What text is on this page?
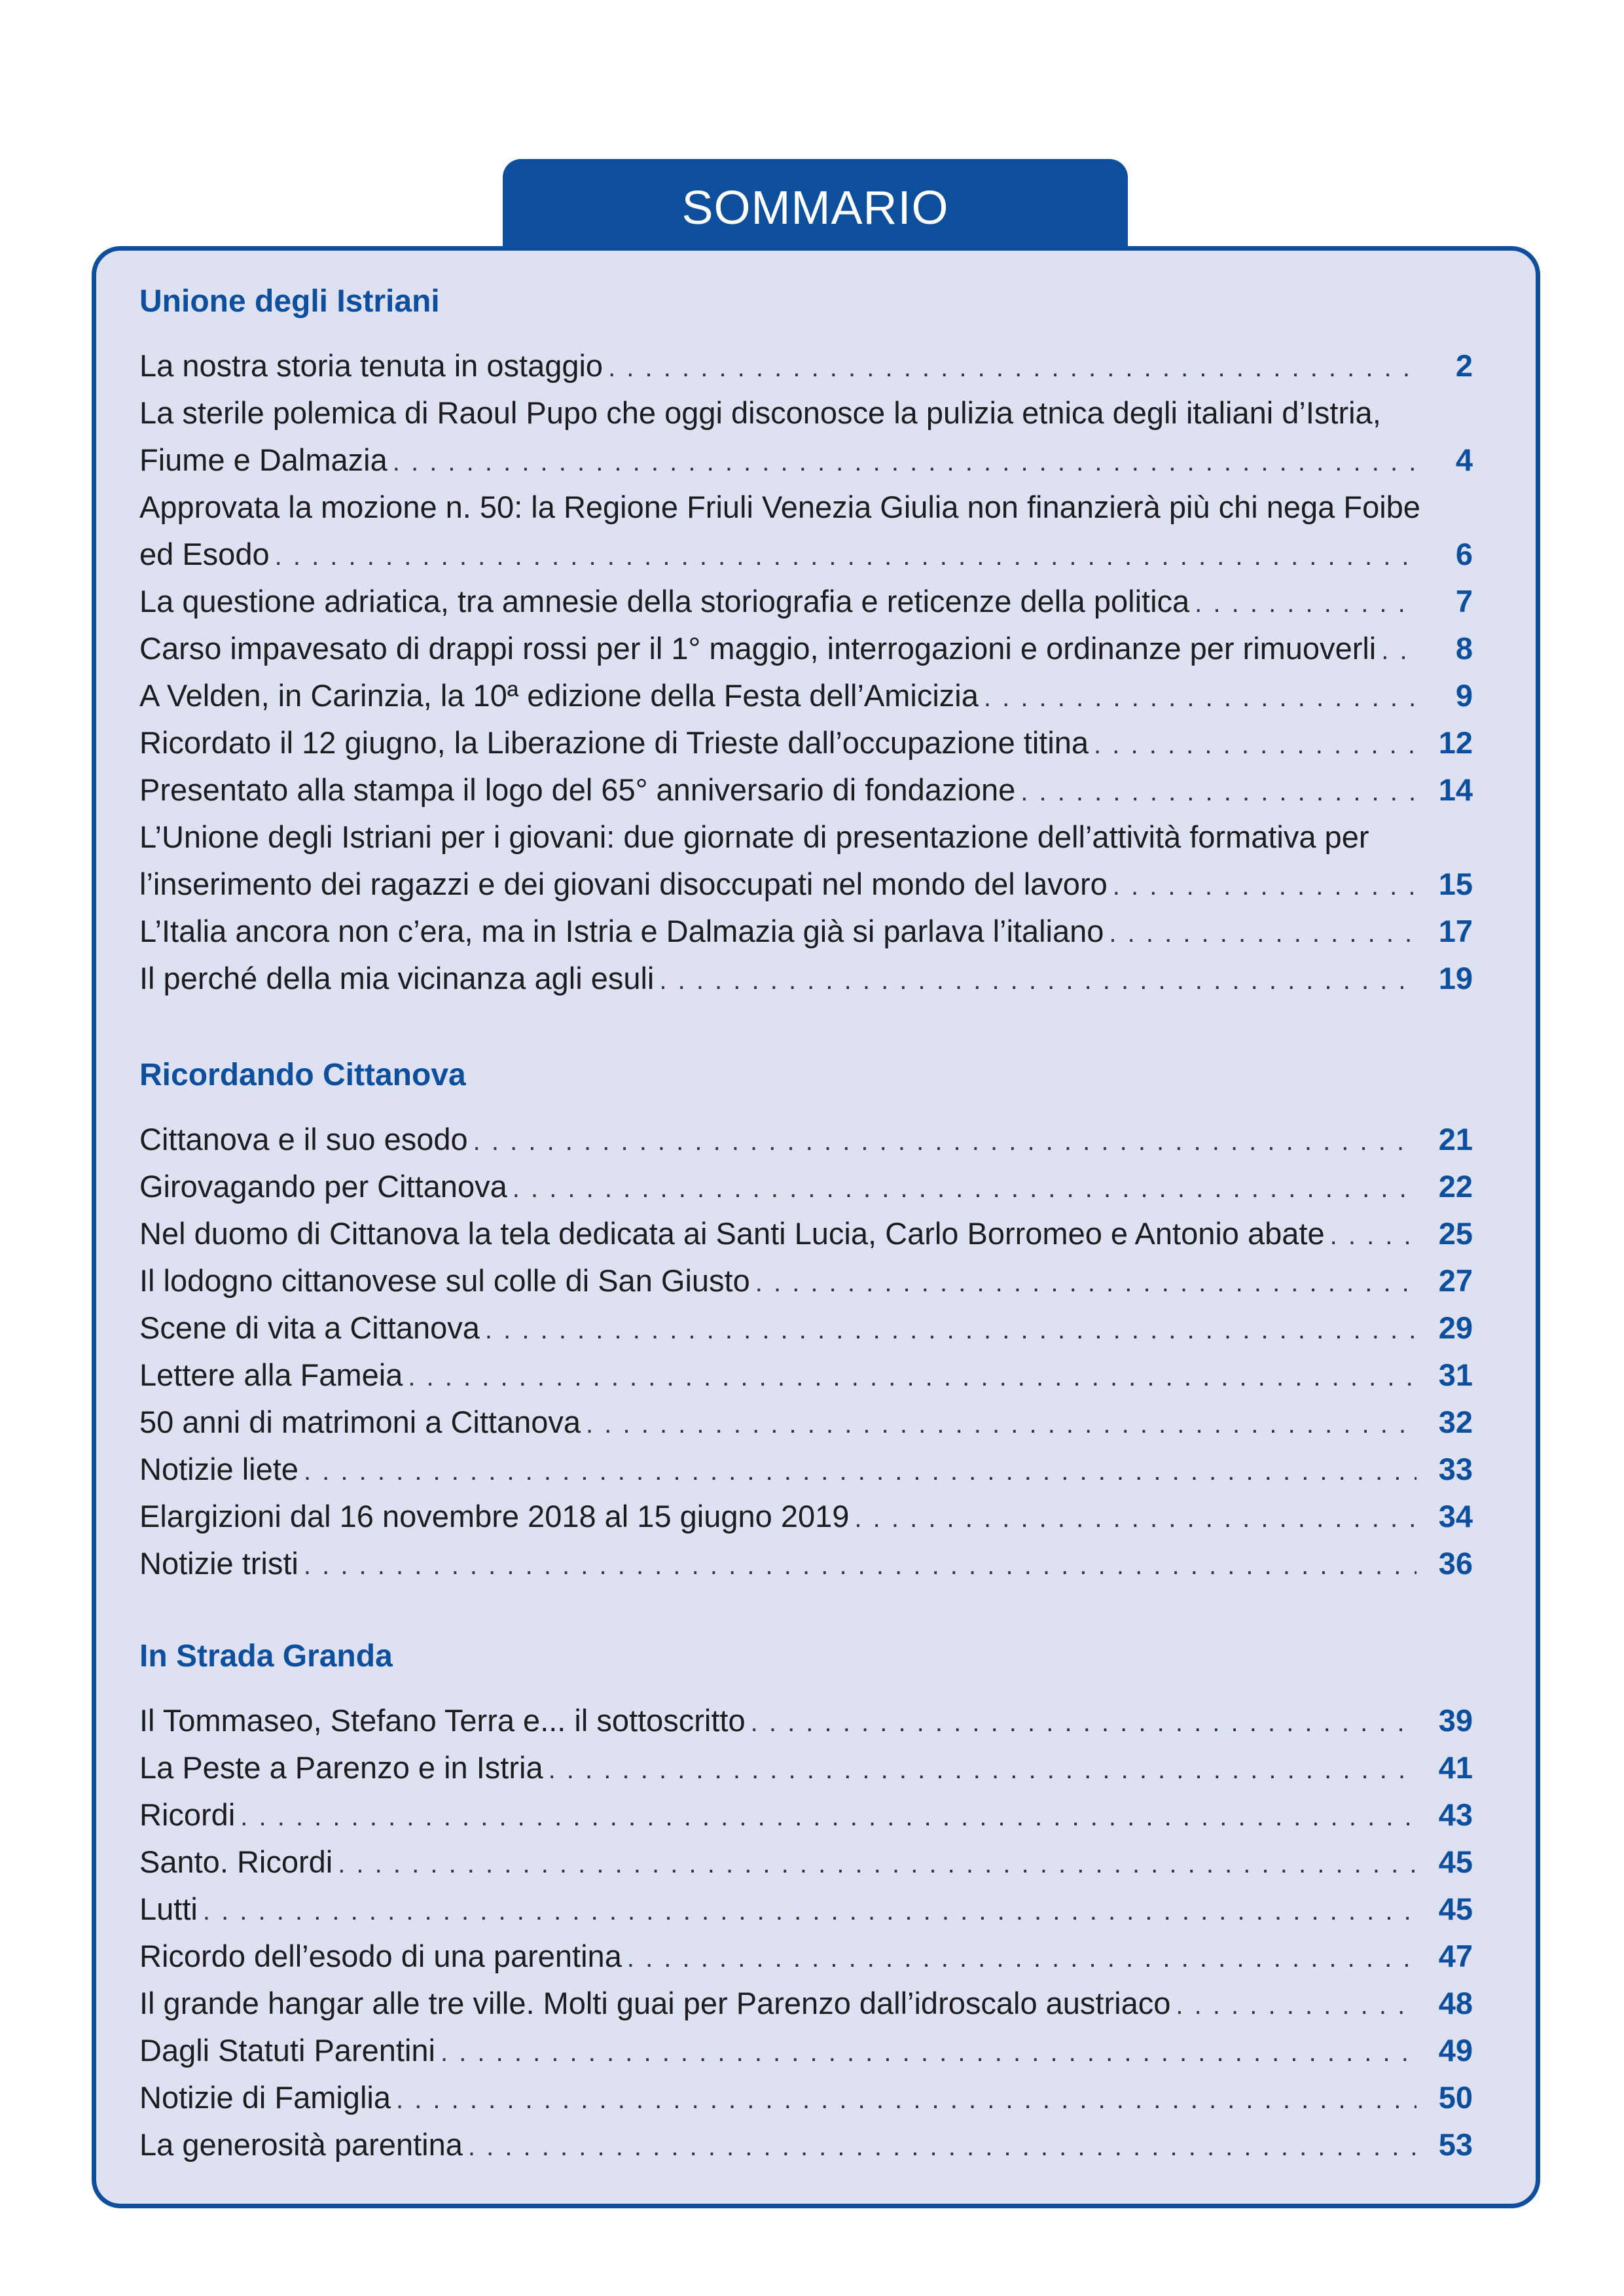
SOMMARIO
Unione degli Istriani
La nostra storia tenuta in ostaggio . . .	2
La sterile polemica di Raoul Pupo che oggi disconosce la pulizia etnica degli italiani d’Istria,
Fiume e Dalmazia . . .	4
Approvata la mozione n. 50: la Regione Friuli Venezia Giulia non finanzierà più chi nega Foibe
ed Esodo . . .	6
La questione adriatica, tra amnesie della storiografia e reticenze della politica . . .	7
Carso impavesato di drappi rossi per il 1° maggio, interrogazioni e ordinanze per rimuoverli . . .	8
A Velden, in Carinzia, la 10ª edizione della Festa dell’Amicizia . . .	9
Ricordato il 12 giugno, la Liberazione di Trieste dall’occupazione titina . . .	12
Presentato alla stampa il logo del 65° anniversario di fondazione . . .	14
L’Unione degli Istriani per i giovani: due giornate di presentazione dell’attività formativa per
l’inserimento dei ragazzi e dei giovani disoccupati nel mondo del lavoro . . .	15
L’Italia ancora non c’era, ma in Istria e Dalmazia già si parlava l’italiano . . .	17
Il perché della mia vicinanza agli esuli . . .	19
Ricordando Cittanova
Cittanova e il suo esodo . . .	21
Girovagando per Cittanova . . .	22
Nel duomo di Cittanova la tela dedicata ai Santi Lucia, Carlo Borromeo e Antonio abate . . .	25
Il lodogno cittanovese sul colle di San Giusto . . .	27
Scene di vita a Cittanova . . .	29
Lettere alla Fameia . . .	31
50 anni di matrimoni a Cittanova . . .	32
Notizie liete . . .	33
Elargizioni dal 16 novembre 2018 al 15 giugno 2019 . . .	34
Notizie tristi . . .	36
In Strada Granda
Il Tommaseo, Stefano Terra e... il sottoscritto . . .	39
La Peste a Parenzo e in Istria . . .	41
Ricordi . . .	43
Santo. Ricordi . . .	45
Lutti . . .	45
Ricordo dell’esodo di una parentina . . .	47
Il grande hangar alle tre ville. Molti guai per Parenzo dall’idroscalo austriaco . . .	48
Dagli Statuti Parentini . . .	49
Notizie di Famiglia . . .	50
La generosità parentina . . .	53
